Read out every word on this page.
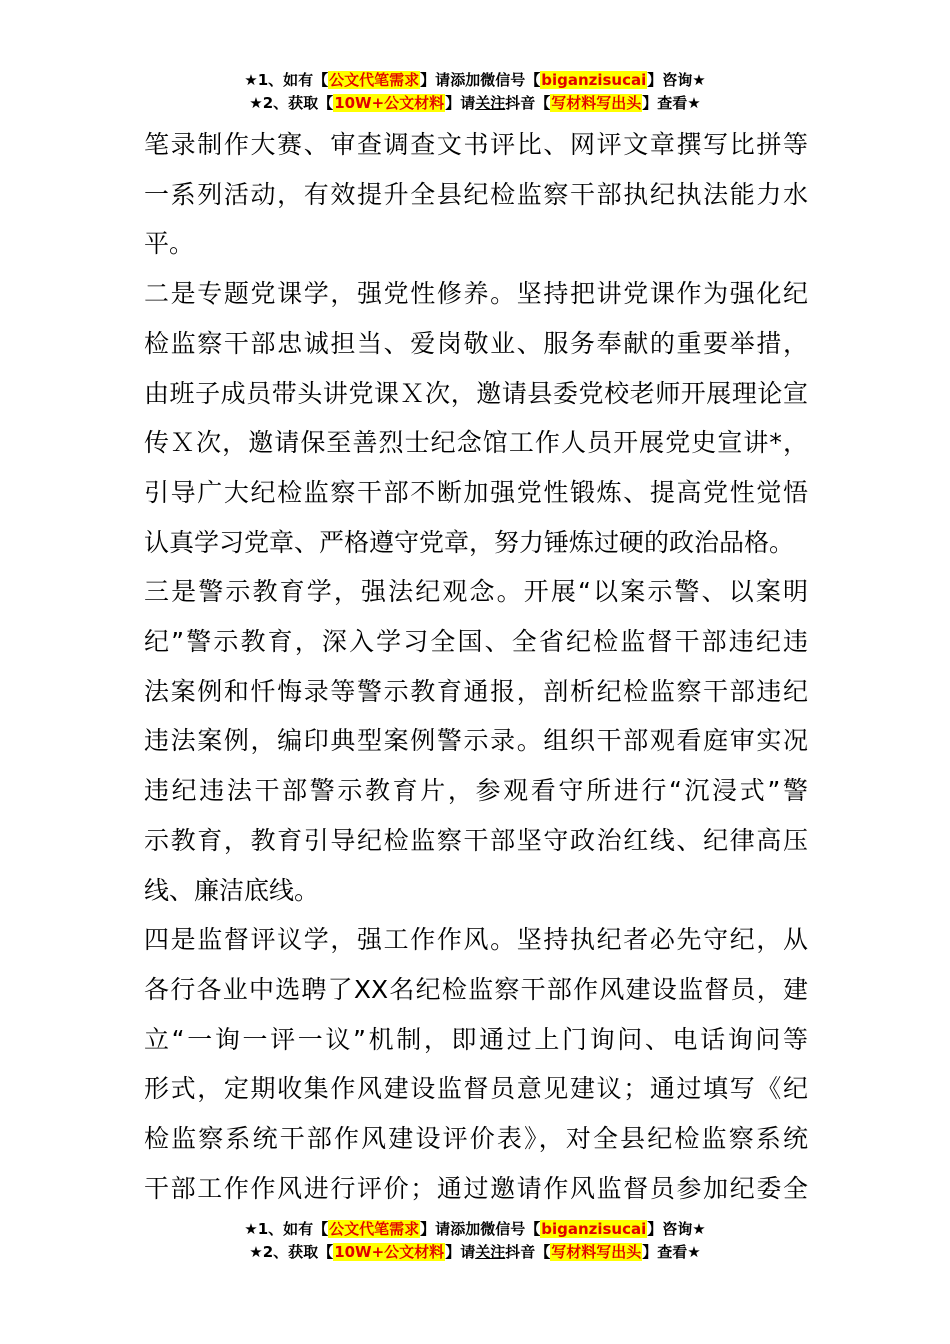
★1、如有【公文代笔需求】请添加微信号【biganzisucai】咨询★
★2、获取【10W+公文材料】请关注抖音【写材料写出头】查看★
笔录制作大赛、审查调查文书评比、网评文章撰写比拼等
一系列活动，有效提升全县纪检监察干部执纪执法能力水
平。
二是专题党课学，强党性修养。坚持把讲党课作为强化纪
检监察干部忠诚担当、爱岗敬业、服务奉献的重要举措，
由班子成员带头讲党课Ｘ次，邀请县委党校老师开展理论宣
传Ｘ次，邀请保至善烈士纪念馆工作人员开展党史宣讲*，
引导广大纪检监察干部不断加强党性锻炼、提高党性觉悟
认真学习党章、严格遵守党章，努力锤炼过硬的政治品格。
三是警示教育学，强法纪观念。开展“以案示警、以案明
纪”警示教育，深入学习全国、全省纪检监督干部违纪违
法案例和忏悔录等警示教育通报，剖析纪检监察干部违纪
违法案例，编印典型案例警示录。组织干部观看庭审实况
违纪违法干部警示教育片，参观看守所进行“沉浸式”警
示教育，教育引导纪检监察干部坚守政治红线、纪律高压
线、廉洁底线。
四是监督评议学，强工作作风。坚持执纪者必先守纪，从
各行各业中选聘了XX名纪检监察干部作风建设监督员，建
立“一询一评一议”机制，即通过上门询问、电话询问等
形式，定期收集作风建设监督员意见建议；通过填写《纪
检监察系统干部作风建设评价表》，对全县纪检监察系统
干部工作作风进行评价；通过邀请作风监督员参加纪委全
★1、如有【公文代笔需求】请添加微信号【biganzisucai】咨询★
★2、获取【10W+公文材料】请关注抖音【写材料写出头】查看★
